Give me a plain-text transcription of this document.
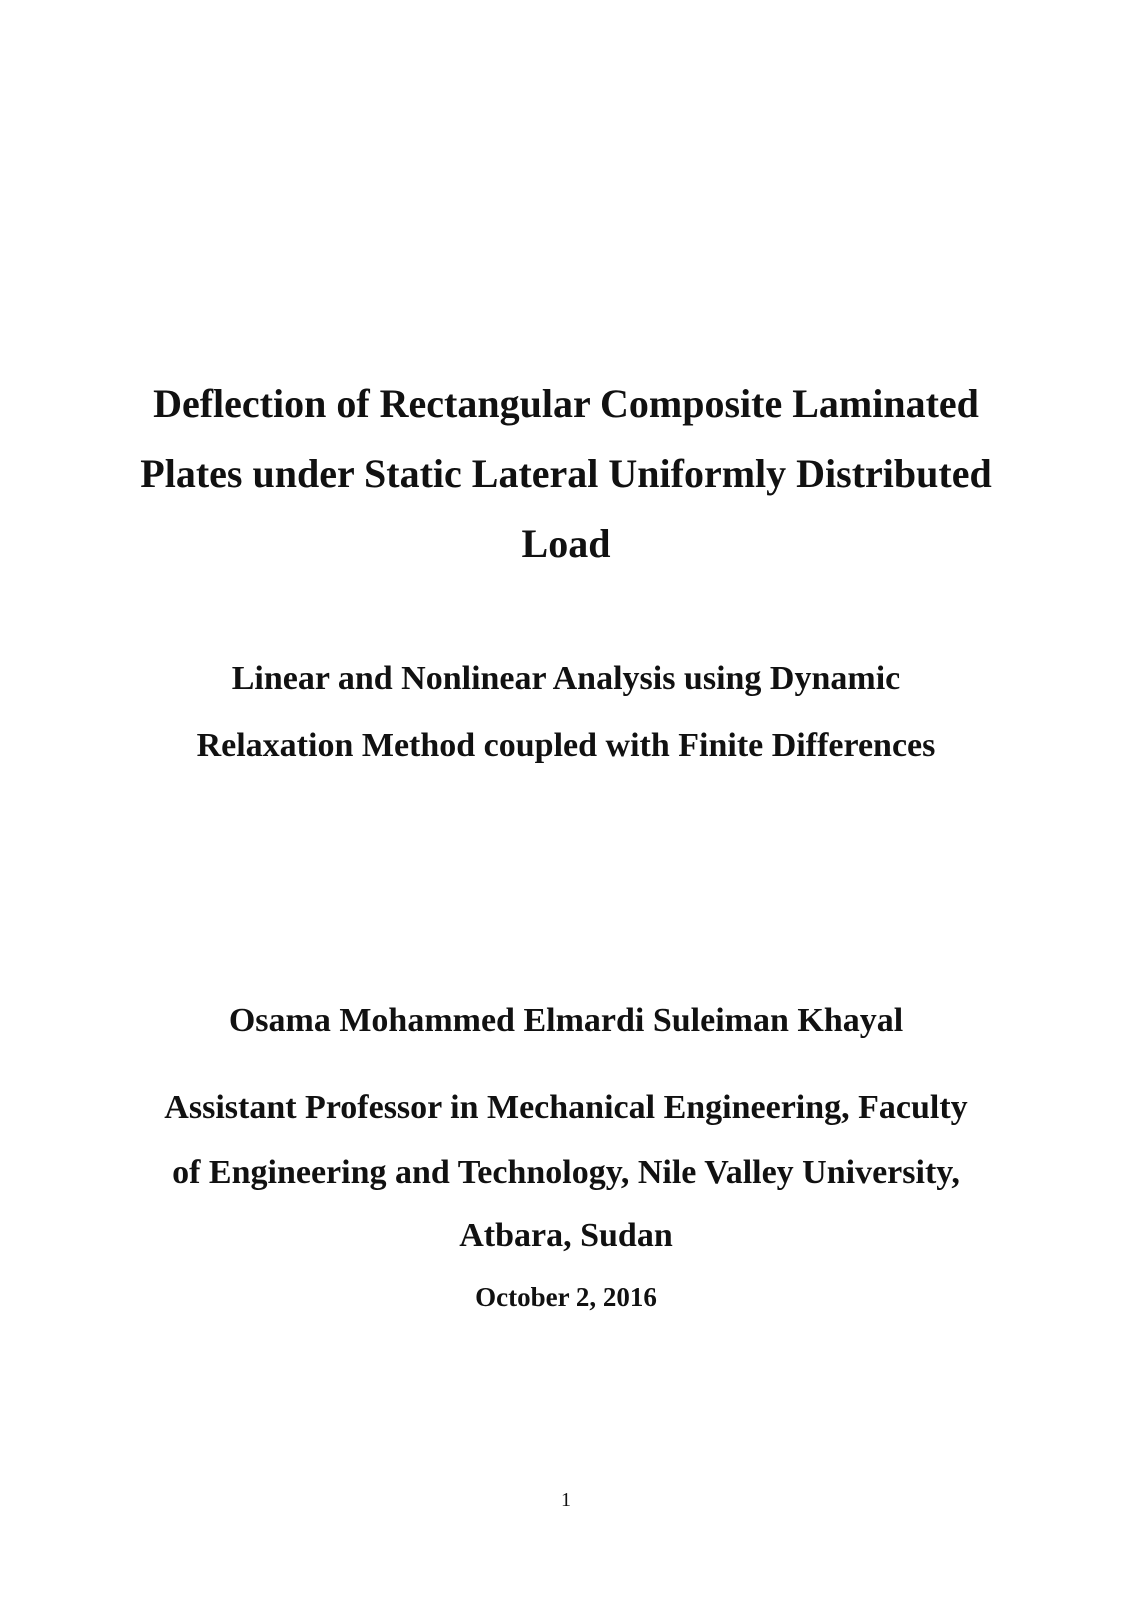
Deflection of Rectangular Composite Laminated
Plates under Static Lateral Uniformly Distributed
Load
Linear and Nonlinear Analysis using Dynamic
Relaxation Method coupled with Finite Differences

Osama Mohammed Elmardi Suleiman Khayal

Assistant Professor in Mechanical Engineering, Faculty

of Engineering and Technology, Nile Valley University,

Atbara, Sudan

October 2, 2016

1
